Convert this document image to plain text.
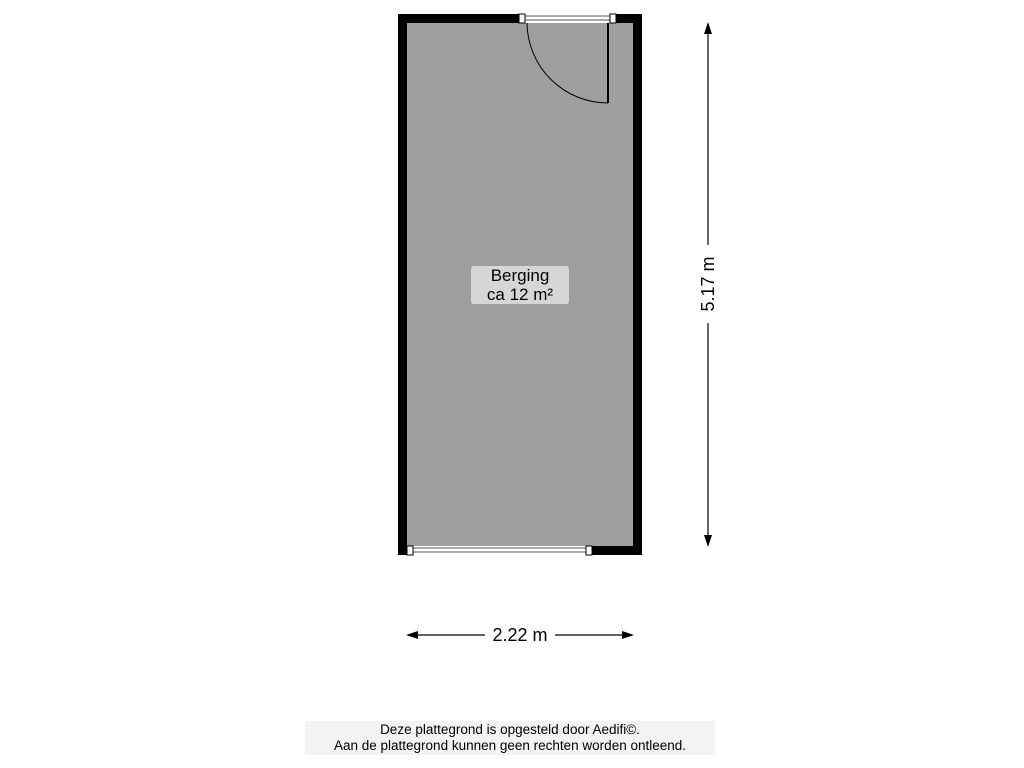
Berging
ca 12 m²	5.17 m
2.22 m
Deze plattegrond is opgesteld door Aedifi©.
Aan de plattegrond kunnen geen rechten worden ontleend.
